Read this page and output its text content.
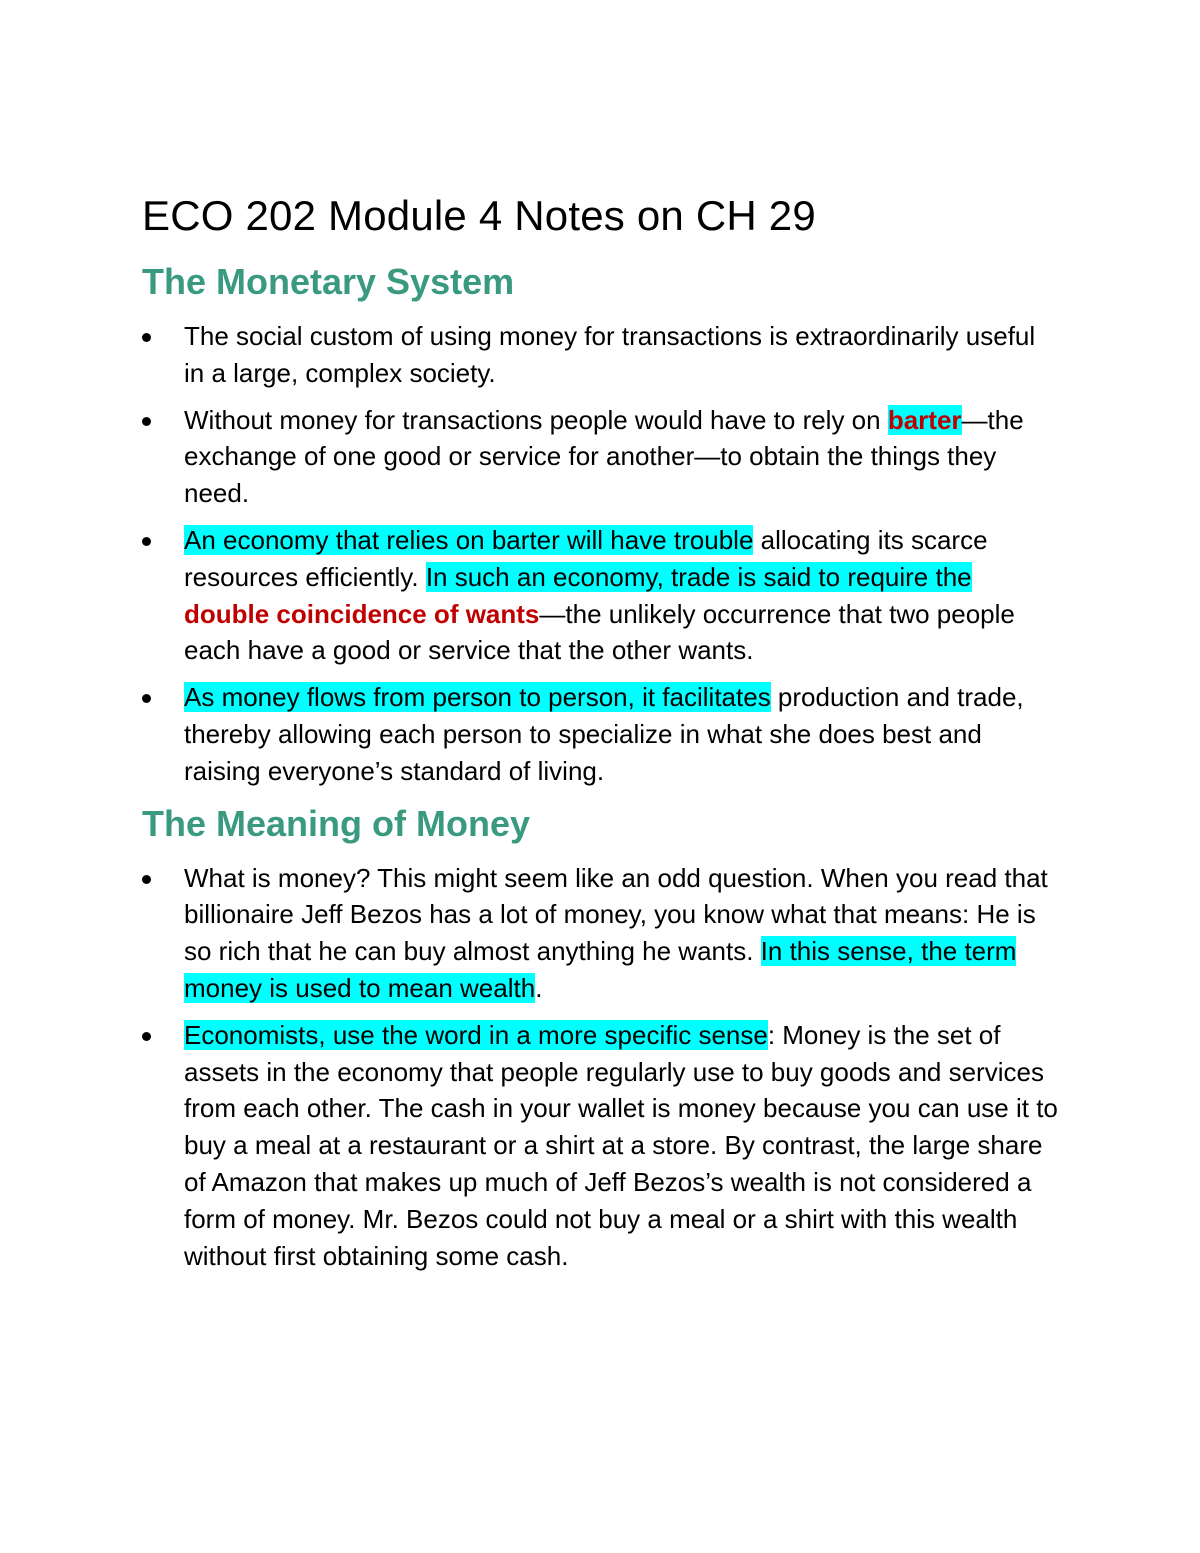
ECO 202 Module 4 Notes on CH 29
The Monetary System
The social custom of using money for transactions is extraordinarily useful in a large, complex society.
Without money for transactions people would have to rely on barter—the exchange of one good or service for another—to obtain the things they need.
An economy that relies on barter will have trouble allocating its scarce resources efficiently. In such an economy, trade is said to require the double coincidence of wants—the unlikely occurrence that two people each have a good or service that the other wants.
As money flows from person to person, it facilitates production and trade, thereby allowing each person to specialize in what she does best and raising everyone’s standard of living.
The Meaning of Money
What is money? This might seem like an odd question. When you read that billionaire Jeff Bezos has a lot of money, you know what that means: He is so rich that he can buy almost anything he wants. In this sense, the term money is used to mean wealth.
Economists, use the word in a more specific sense: Money is the set of assets in the economy that people regularly use to buy goods and services from each other. The cash in your wallet is money because you can use it to buy a meal at a restaurant or a shirt at a store. By contrast, the large share of Amazon that makes up much of Jeff Bezos’s wealth is not considered a form of money. Mr. Bezos could not buy a meal or a shirt with this wealth without first obtaining some cash.
